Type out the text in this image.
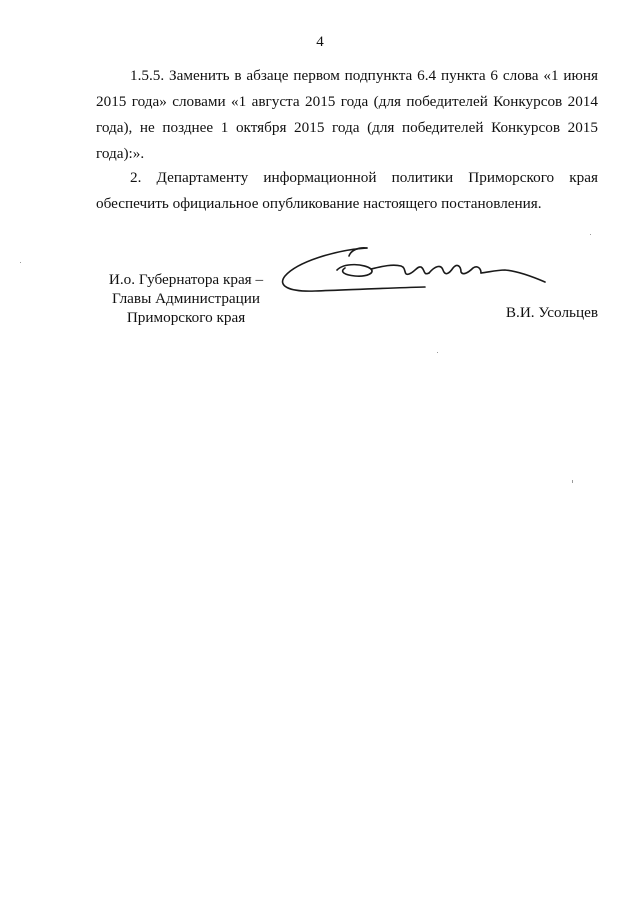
4

1.5.5. Заменить в абзаце первом подпункта 6.4 пункта 6 слова «1 июня 2015 года» словами «1 августа 2015 года (для победителей Конкурсов 2014 года), не позднее 1 октября 2015 года (для победителей Конкурсов 2015 года):».

2. Департаменту информационной политики Приморского края обеспечить официальное опубликование настоящего постановления.

И.о. Губернатора края –
Главы Администрации
Приморского края	В.И. Усольцев
